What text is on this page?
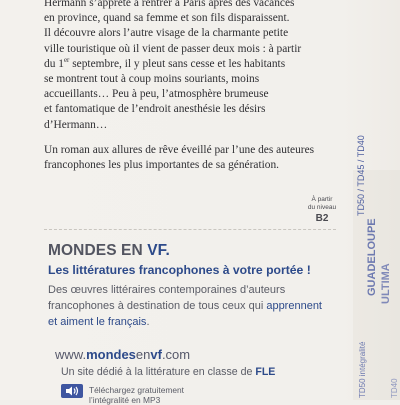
Hermann s’apprête à rentrer à Paris après des vacances
en province, quand sa femme et son fils disparaissent.
Il découvre alors l’autre visage de la charmante petite
ville touristique où il vient de passer deux mois : à partir
du 1er septembre, il y pleut sans cesse et les habitants
se montrent tout à coup moins souriants, moins
accueillants… Peu à peu, l’atmosphère brumeuse
et fantomatique de l’endroit anesthésie les désirs
d’Hermann…

Un roman aux allures de rêve éveillé par l’une des auteures
francophones les plus importantes de sa génération.

À partir
du niveau
B2
MONDES EN VF.
Les littératures francophones à votre portée !
Des œuvres littéraires contemporaines d’auteurs
francophones à destination de tous ceux qui apprennent
et aiment le français.
www.mondesenvf.com
Un site dédié à la littérature en classe de FLE
Téléchargez gratuitement
l’intégralité en MP3
TD50 / TD45 / TD40
GUADELOUPE ULTIMA
TD50 intégralité	TD40
